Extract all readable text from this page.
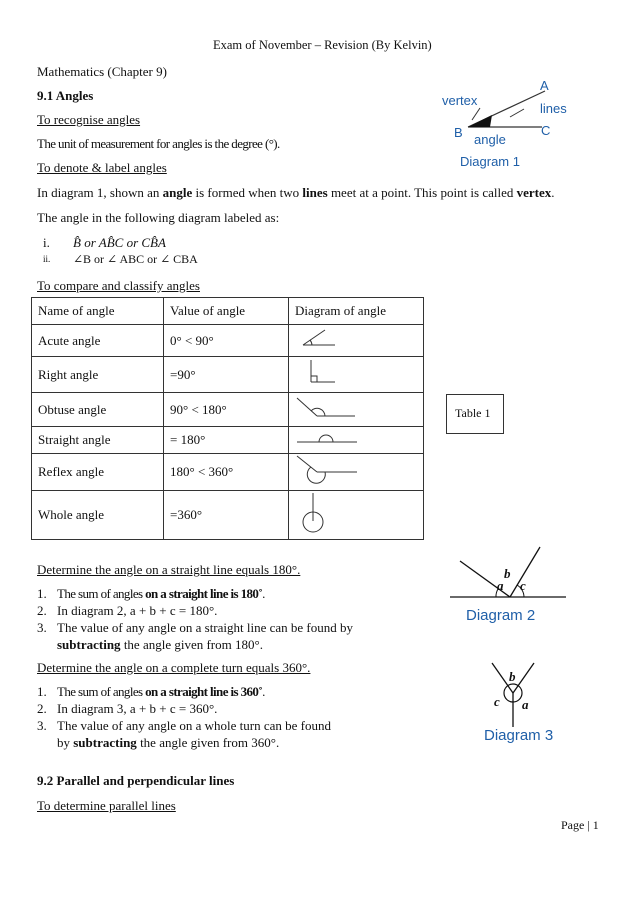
Exam of November – Revision (By Kelvin)
Mathematics (Chapter 9)
9.1 Angles
To recognise angles
The unit of measurement for angles is the degree (°).
To denote & label angles
In diagram 1, shown an angle is formed when two lines meet at a point. This point is called vertex.
The angle in the following diagram labeled as:
i. B̂ or AB̂C or CB̂A
ii. ∠B or ∠ ABC or ∠ CBA
To compare and classify angles
vertex
A
lines
B angle
C
Diagram 1
Name of angle	Value of angle	Diagram of angle
Acute angle	0° < 90°	
Right angle	=90°	
Obtuse angle	90° < 180°	
Straight angle	= 180°	
Reflex angle	180° < 360°	
Whole angle	=360°	
Table 1
Determine the angle on a straight line equals 180°.
1. The sum of angles on a straight line is 180˚.
2. In diagram 2, a + b + c = 180°.
3. The value of any angle on a straight line can be found by
subtracting the angle given from 180°.
a
b
c
Diagram 2
Determine the angle on a complete turn equals 360°.
1. The sum of angles on a straight line is 360˚.
2. In diagram 3, a + b + c = 360°.
3. The value of any angle on a whole turn can be found
by subtracting the angle given from 360°.
a
b
c
Diagram 3
9.2 Parallel and perpendicular lines
To determine parallel lines
Page | 1
